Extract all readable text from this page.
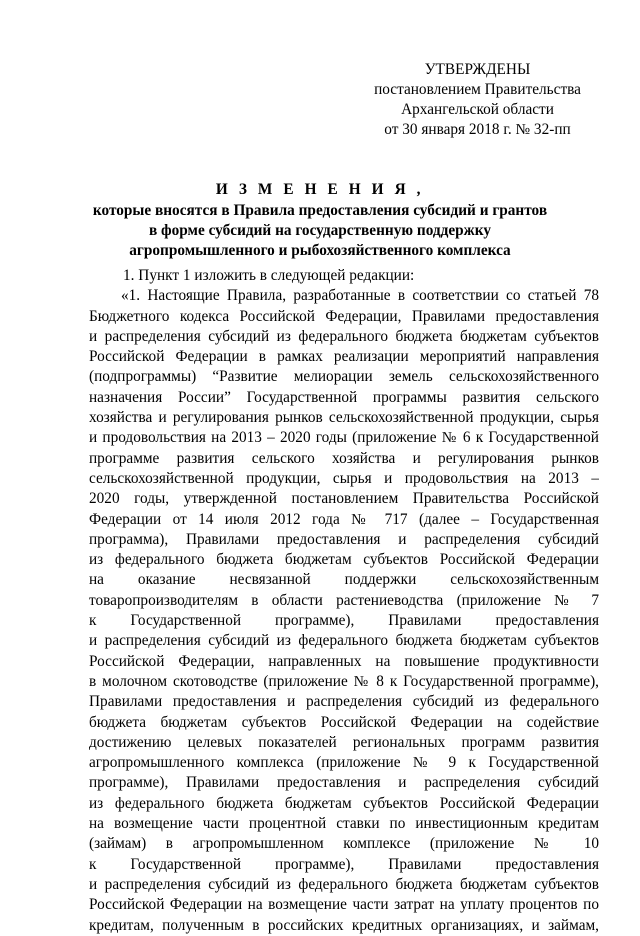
УТВЕРЖДЕНЫ
постановлением Правительства
Архангельской области
от 30 января 2018 г. № 32-пп
И З М Е Н Е Н И Я ,
которые вносятся в Правила предоставления субсидий и грантов
в форме субсидий на государственную поддержку
агропромышленного и рыбохозяйственного комплекса
1. Пункт 1 изложить в следующей редакции:
«1. Настоящие Правила, разработанные в соответствии со статьей 78
Бюджетного кодекса Российской Федерации, Правилами предоставления
и распределения субсидий из федерального бюджета бюджетам субъектов
Российской Федерации в рамках реализации мероприятий направления
(подпрограммы) “Развитие мелиорации земель сельскохозяйственного
назначения России” Государственной программы развития сельского
хозяйства и регулирования рынков сельскохозяйственной продукции, сырья
и продовольствия на 2013 – 2020 годы (приложение № 6 к Государственной
программе развития сельского хозяйства и регулирования рынков
сельскохозяйственной продукции, сырья и продовольствия на 2013 –
2020 годы, утвержденной постановлением Правительства Российской
Федерации от 14 июля 2012 года № 717 (далее – Государственная
программа), Правилами предоставления и распределения субсидий
из федерального бюджета бюджетам субъектов Российской Федерации
на оказание несвязанной поддержки сельскохозяйственным
товаропроизводителям в области растениеводства (приложение № 7
к Государственной программе), Правилами предоставления
и распределения субсидий из федерального бюджета бюджетам субъектов
Российской Федерации, направленных на повышение продуктивности
в молочном скотоводстве (приложение № 8 к Государственной программе),
Правилами предоставления и распределения субсидий из федерального
бюджета бюджетам субъектов Российской Федерации на содействие
достижению целевых показателей региональных программ развития
агропромышленного комплекса (приложение № 9 к Государственной
программе), Правилами предоставления и распределения субсидий
из федерального бюджета бюджетам субъектов Российской Федерации
на возмещение части процентной ставки по инвестиционным кредитам
(займам) в агропромышленном комплексе (приложение № 10
к Государственной программе), Правилами предоставления
и распределения субсидий из федерального бюджета бюджетам субъектов
Российской Федерации на возмещение части затрат на уплату процентов по
кредитам, полученным в российских кредитных организациях, и займам,
